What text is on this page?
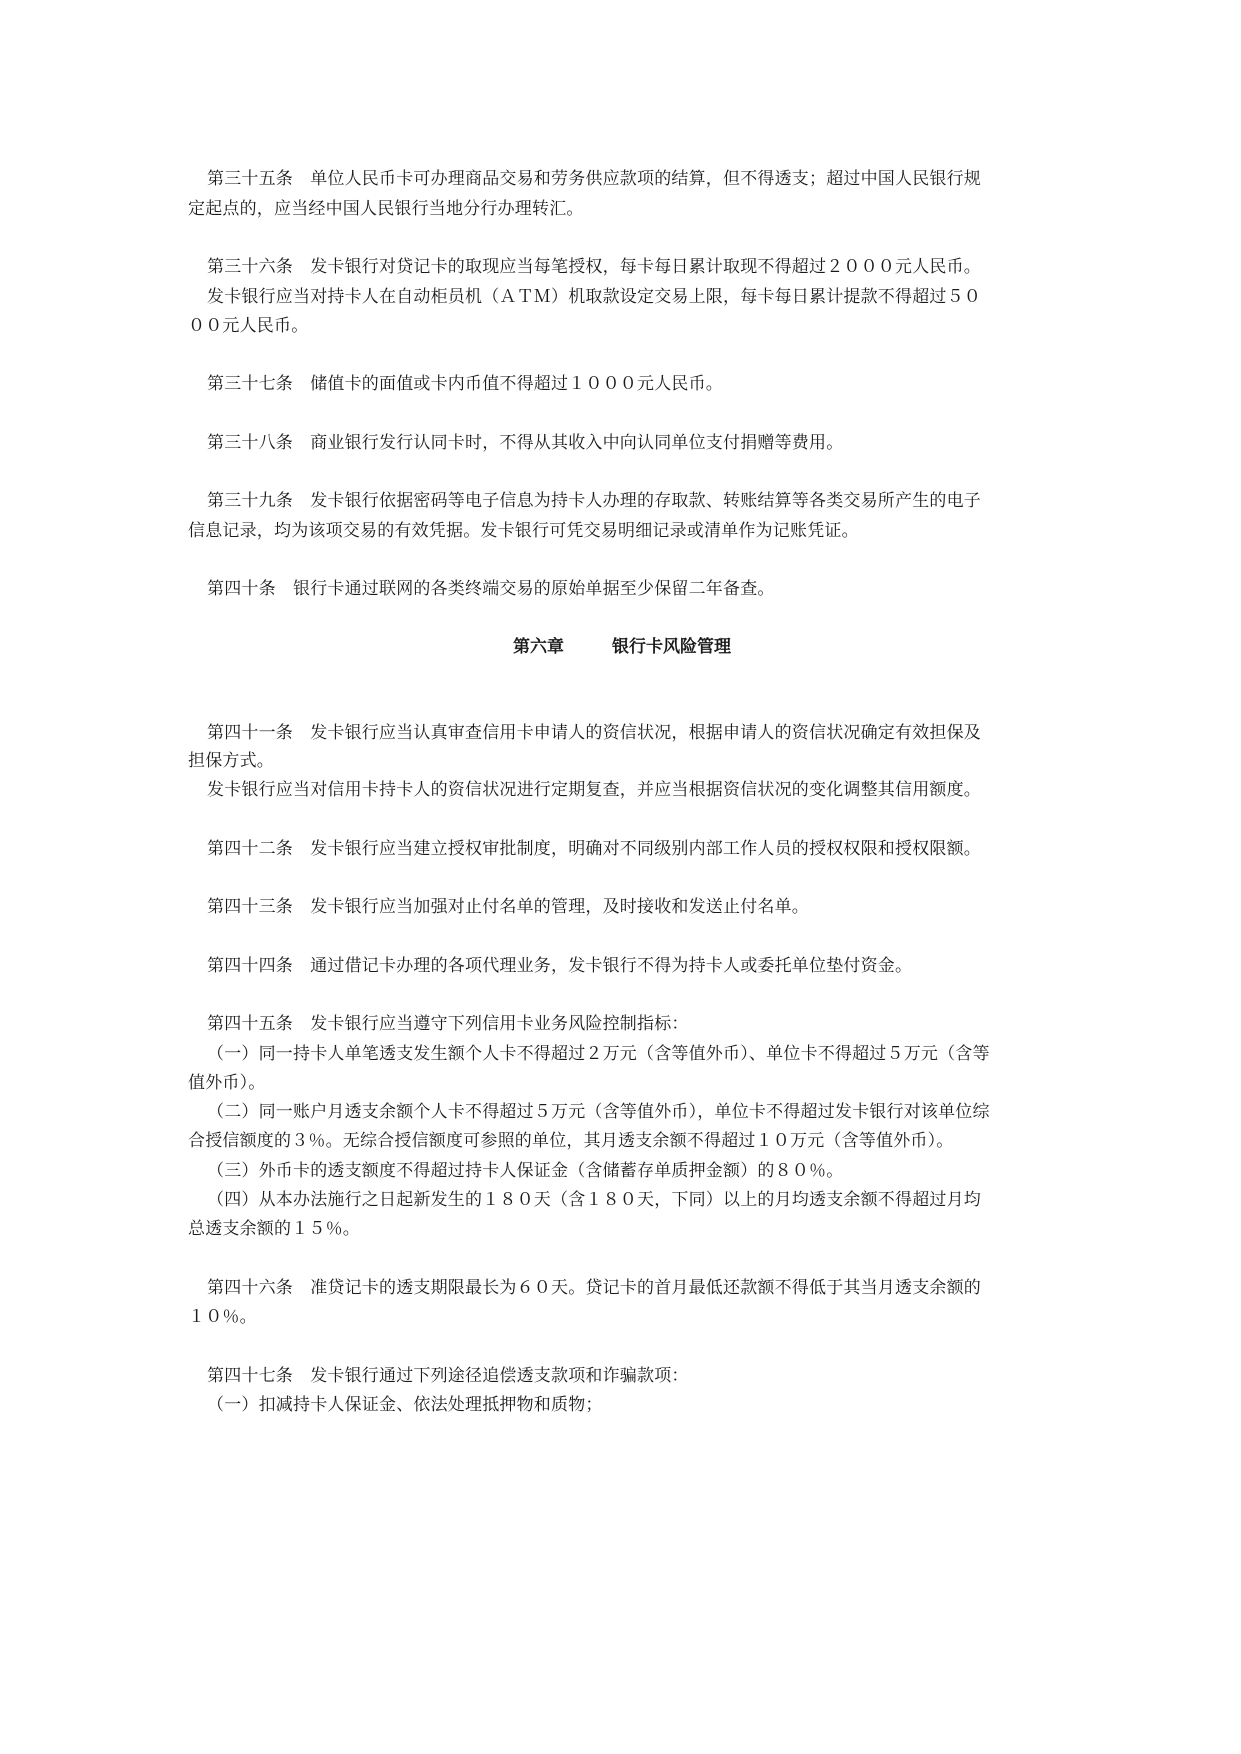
第三十五条　单位人民币卡可办理商品交易和劳务供应款项的结算，但不得透支；超过中国人民银行规
定起点的，应当经中国人民银行当地分行办理转汇。
第三十六条　发卡银行对贷记卡的取现应当每笔授权，每卡每日累计取现不得超过２０００元人民币。
发卡银行应当对持卡人在自动柜员机（ＡＴＭ）机取款设定交易上限，每卡每日累计提款不得超过５０
００元人民币。
第三十七条　储值卡的面值或卡内币值不得超过１０００元人民币。
第三十八条　商业银行发行认同卡时，不得从其收入中向认同单位支付捐赠等费用。
第三十九条　发卡银行依据密码等电子信息为持卡人办理的存取款、转账结算等各类交易所产生的电子
信息记录，均为该项交易的有效凭据。发卡银行可凭交易明细记录或清单作为记账凭证。
第四十条　银行卡通过联网的各类终端交易的原始单据至少保留二年备查。
第六章	银行卡风险管理
第四十一条　发卡银行应当认真审查信用卡申请人的资信状况，根据申请人的资信状况确定有效担保及
担保方式。
发卡银行应当对信用卡持卡人的资信状况进行定期复查，并应当根据资信状况的变化调整其信用额度。
第四十二条　发卡银行应当建立授权审批制度，明确对不同级别内部工作人员的授权权限和授权限额。
第四十三条　发卡银行应当加强对止付名单的管理，及时接收和发送止付名单。
第四十四条　通过借记卡办理的各项代理业务，发卡银行不得为持卡人或委托单位垫付资金。
第四十五条　发卡银行应当遵守下列信用卡业务风险控制指标：
（一）同一持卡人单笔透支发生额个人卡不得超过２万元（含等值外币）、单位卡不得超过５万元（含等
值外币）。
（二）同一账户月透支余额个人卡不得超过５万元（含等值外币），单位卡不得超过发卡银行对该单位综
合授信额度的３％。无综合授信额度可参照的单位，其月透支余额不得超过１０万元（含等值外币）。
（三）外币卡的透支额度不得超过持卡人保证金（含储蓄存单质押金额）的８０％。
（四）从本办法施行之日起新发生的１８０天（含１８０天，下同）以上的月均透支余额不得超过月均
总透支余额的１５％。
第四十六条　准贷记卡的透支期限最长为６０天。贷记卡的首月最低还款额不得低于其当月透支余额的
１０％。
第四十七条　发卡银行通过下列途径追偿透支款项和诈骗款项：
（一）扣减持卡人保证金、依法处理抵押物和质物；
